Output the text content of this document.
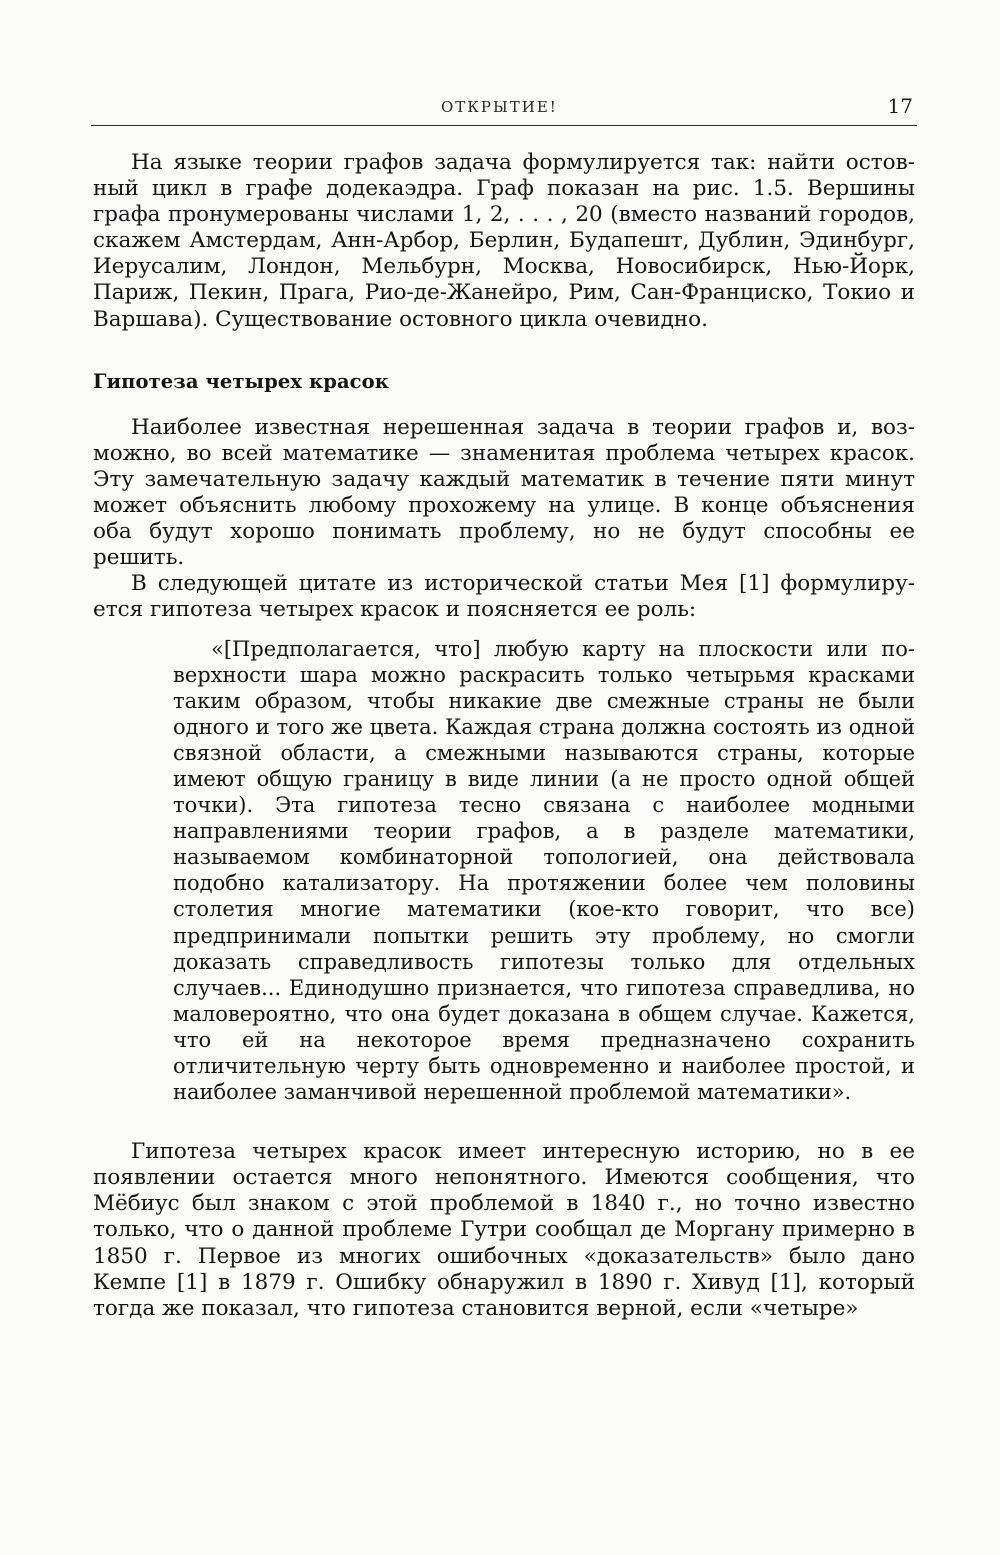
ОТКРЫТИЕ!	17

На языке теории графов задача формулируется так: найти остовный цикл в графе додекаэдра. Граф показан на рис. 1.5. Вершины графа пронумерованы числами 1, 2, . . . , 20 (вместо названий городов, скажем Амстердам, Анн-Арбор, Берлин, Будапешт, Дублин, Эдинбург, Иерусалим, Лондон, Мельбурн, Москва, Новосибирск, Нью-Йорк, Париж, Пекин, Прага, Рио-де-Жанейро, Рим, Сан-Франциско, Токио и Варшава). Существование остовного цикла очевидно.

Гипотеза четырех красок

Наиболее известная нерешенная задача в теории графов и, возможно, во всей математике — знаменитая проблема четырех красок. Эту замечательную задачу каждый математик в течение пяти минут может объяснить любому прохожему на улице. В конце объяснения оба будут хорошо понимать проблему, но не будут способны ее решить.

В следующей цитате из исторической статьи Мея [1] формулируется гипотеза четырех красок и поясняется ее роль:

«[Предполагается, что] любую карту на плоскости или поверхности шара можно раскрасить только четырьмя красками таким образом, чтобы никакие две смежные страны не были одного и того же цвета. Каждая страна должна состоять из одной связной области, а смежными называются страны, которые имеют общую границу в виде линии (а не просто одной общей точки). Эта гипотеза тесно связана с наиболее модными направлениями теории графов, а в разделе математики, называемом комбинаторной топологией, она действовала подобно катализатору. На протяжении более чем половины столетия многие математики (кое-кто говорит, что все) предпринимали попытки решить эту проблему, но смогли доказать справедливость гипотезы только для отдельных случаев... Единодушно признается, что гипотеза справедлива, но маловероятно, что она будет доказана в общем случае. Кажется, что ей на некоторое время предназначено сохранить отличительную черту быть одновременно и наиболее простой, и наиболее заманчивой нерешенной проблемой математики».

Гипотеза четырех красок имеет интересную историю, но в ее появлении остается много непонятного. Имеются сообщения, что Мёбиус был знаком с этой проблемой в 1840 г., но точно известно только, что о данной проблеме Гутри сообщал де Моргану примерно в 1850 г. Первое из многих ошибочных «доказательств» было дано Кемпе [1] в 1879 г. Ошибку обнаружил в 1890 г. Хивуд [1], который тогда же показал, что гипотеза становится верной, если «четыре»
